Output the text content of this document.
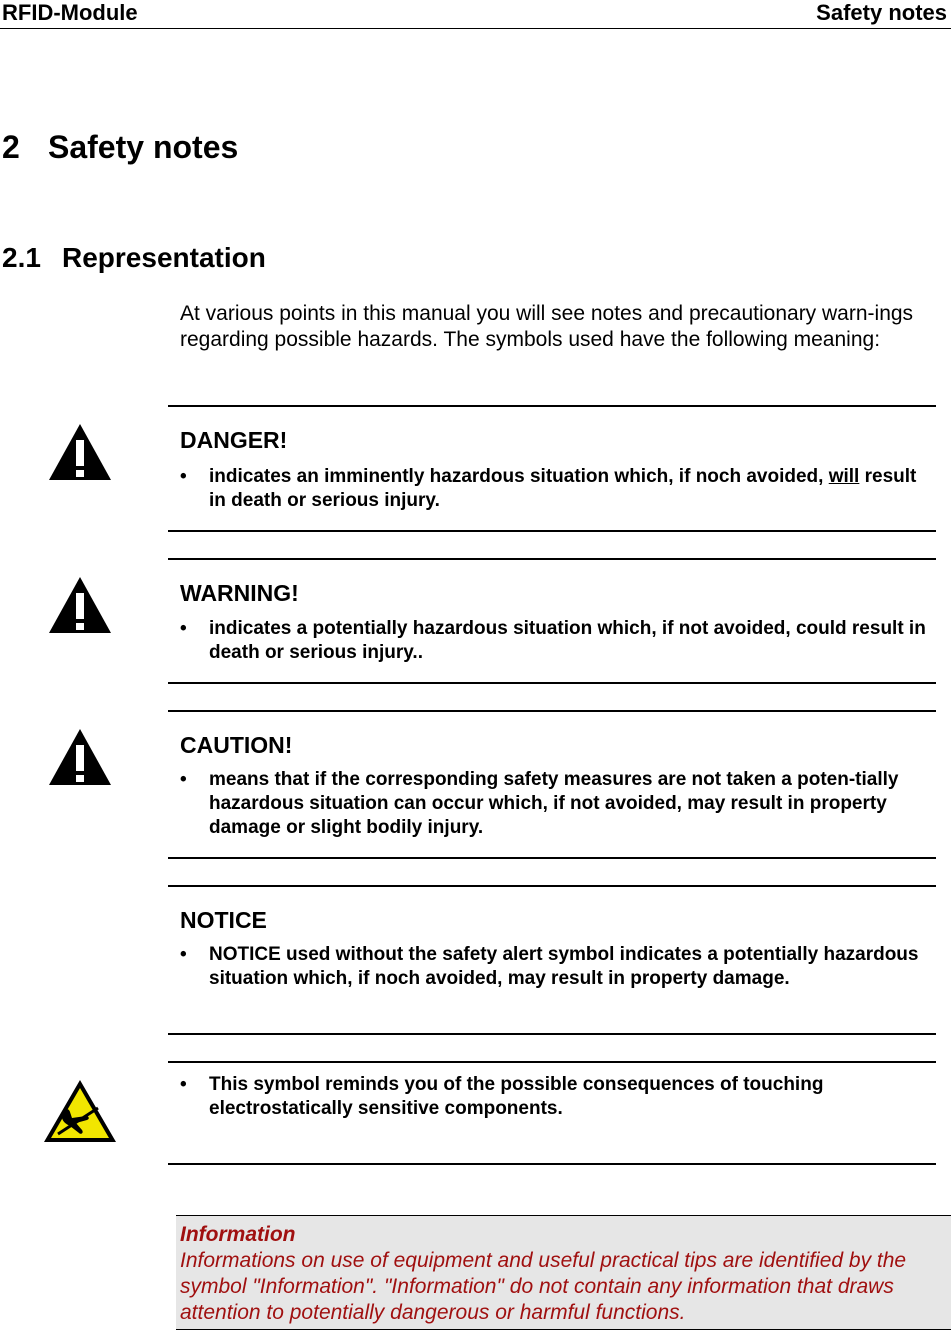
RFID-Module	Safety notes
2 Safety notes
2.1 Representation
At various points in this manual you will see notes and precautionary warn-ings regarding possible hazards. The symbols used have the following meaning:
DANGER!
• indicates an imminently hazardous situation which, if noch avoided, will result in death or serious injury.
WARNING!
• indicates a potentially hazardous situation which, if not avoided, could result in death or serious injury..
CAUTION!
• means that if the corresponding safety measures are not taken a poten-tially hazardous situation can occur which, if not avoided, may result in property damage or slight bodily injury.
NOTICE
• NOTICE used without the safety alert symbol indicates a potentially hazardous situation which, if noch avoided, may result in property damage.
• This symbol reminds you of the possible consequences of touching electrostatically sensitive components.
Information
Informations on use of equipment and useful practical tips are identified by the symbol "Information". "Information" do not contain any information that draws attention to potentially dangerous or harmful functions.
